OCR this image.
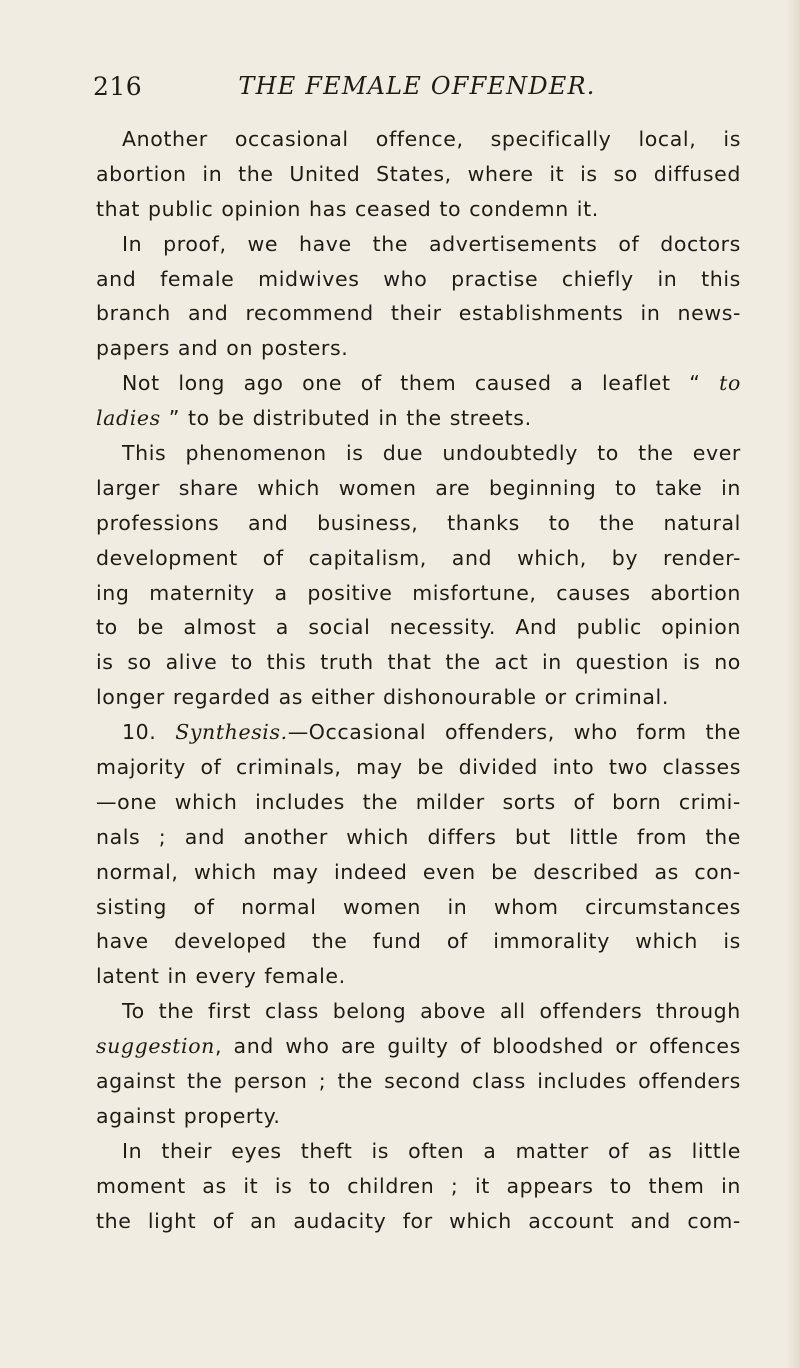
216	THE FEMALE OFFENDER.
Another occasional offence, specifically local, is
abortion in the United States, where it is so diffused
that public opinion has ceased to condemn it.
In proof, we have the advertisements of doctors
and female midwives who practise chiefly in this
branch and recommend their establishments in news-
papers and on posters.
Not long ago one of them caused a leaflet “ to
ladies ” to be distributed in the streets.
This phenomenon is due undoubtedly to the ever
larger share which women are beginning to take in
professions and business, thanks to the natural
development of capitalism, and which, by render-
ing maternity a positive misfortune, causes abortion
to be almost a social necessity. And public opinion
is so alive to this truth that the act in question is no
longer regarded as either dishonourable or criminal.
10. Synthesis.—Occasional offenders, who form the
majority of criminals, may be divided into two classes
—one which includes the milder sorts of born crimi-
nals ; and another which differs but little from the
normal, which may indeed even be described as con-
sisting of normal women in whom circumstances
have developed the fund of immorality which is
latent in every female.
To the first class belong above all offenders through
suggestion, and who are guilty of bloodshed or offences
against the person ; the second class includes offenders
against property.
In their eyes theft is often a matter of as little
moment as it is to children ; it appears to them in
the light of an audacity for which account and com-
